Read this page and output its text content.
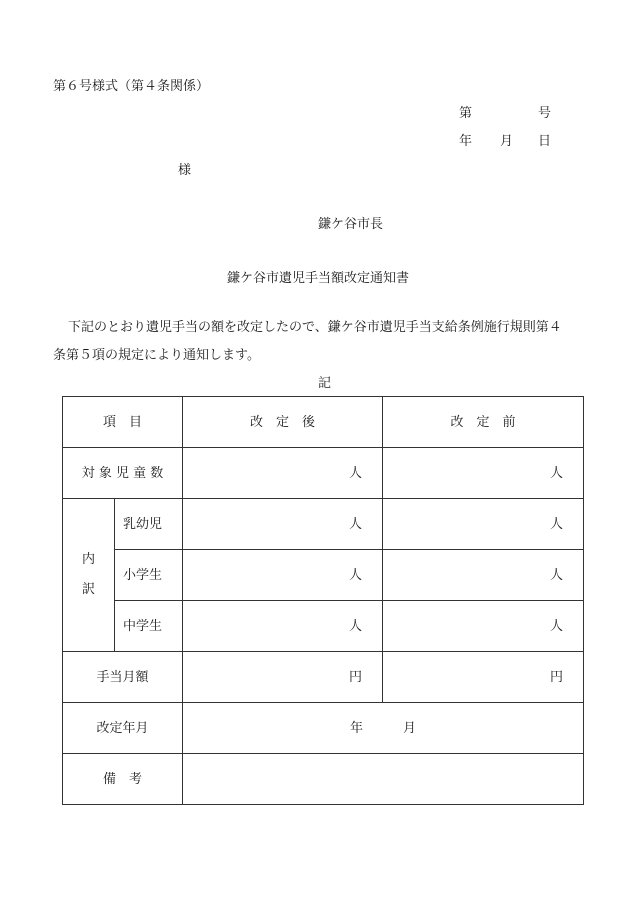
第６号様式（第４条関係）
第	号
年 月 日
様
鎌ケ谷市長
鎌ケ谷市遺児手当額改定通知書
下記のとおり遺児手当の額を改定したので、鎌ケ谷市遺児手当支給条例施行規則第４
条第５項の規定により通知します。
記
項　目		改　定　後	改　定　前
対 象 児 童 数		人	人

内
訳	乳幼児	人	人
	小学生	人	人
	中学生	人	人
手当月額		円	円
改定年月		年 月	
備　考			
